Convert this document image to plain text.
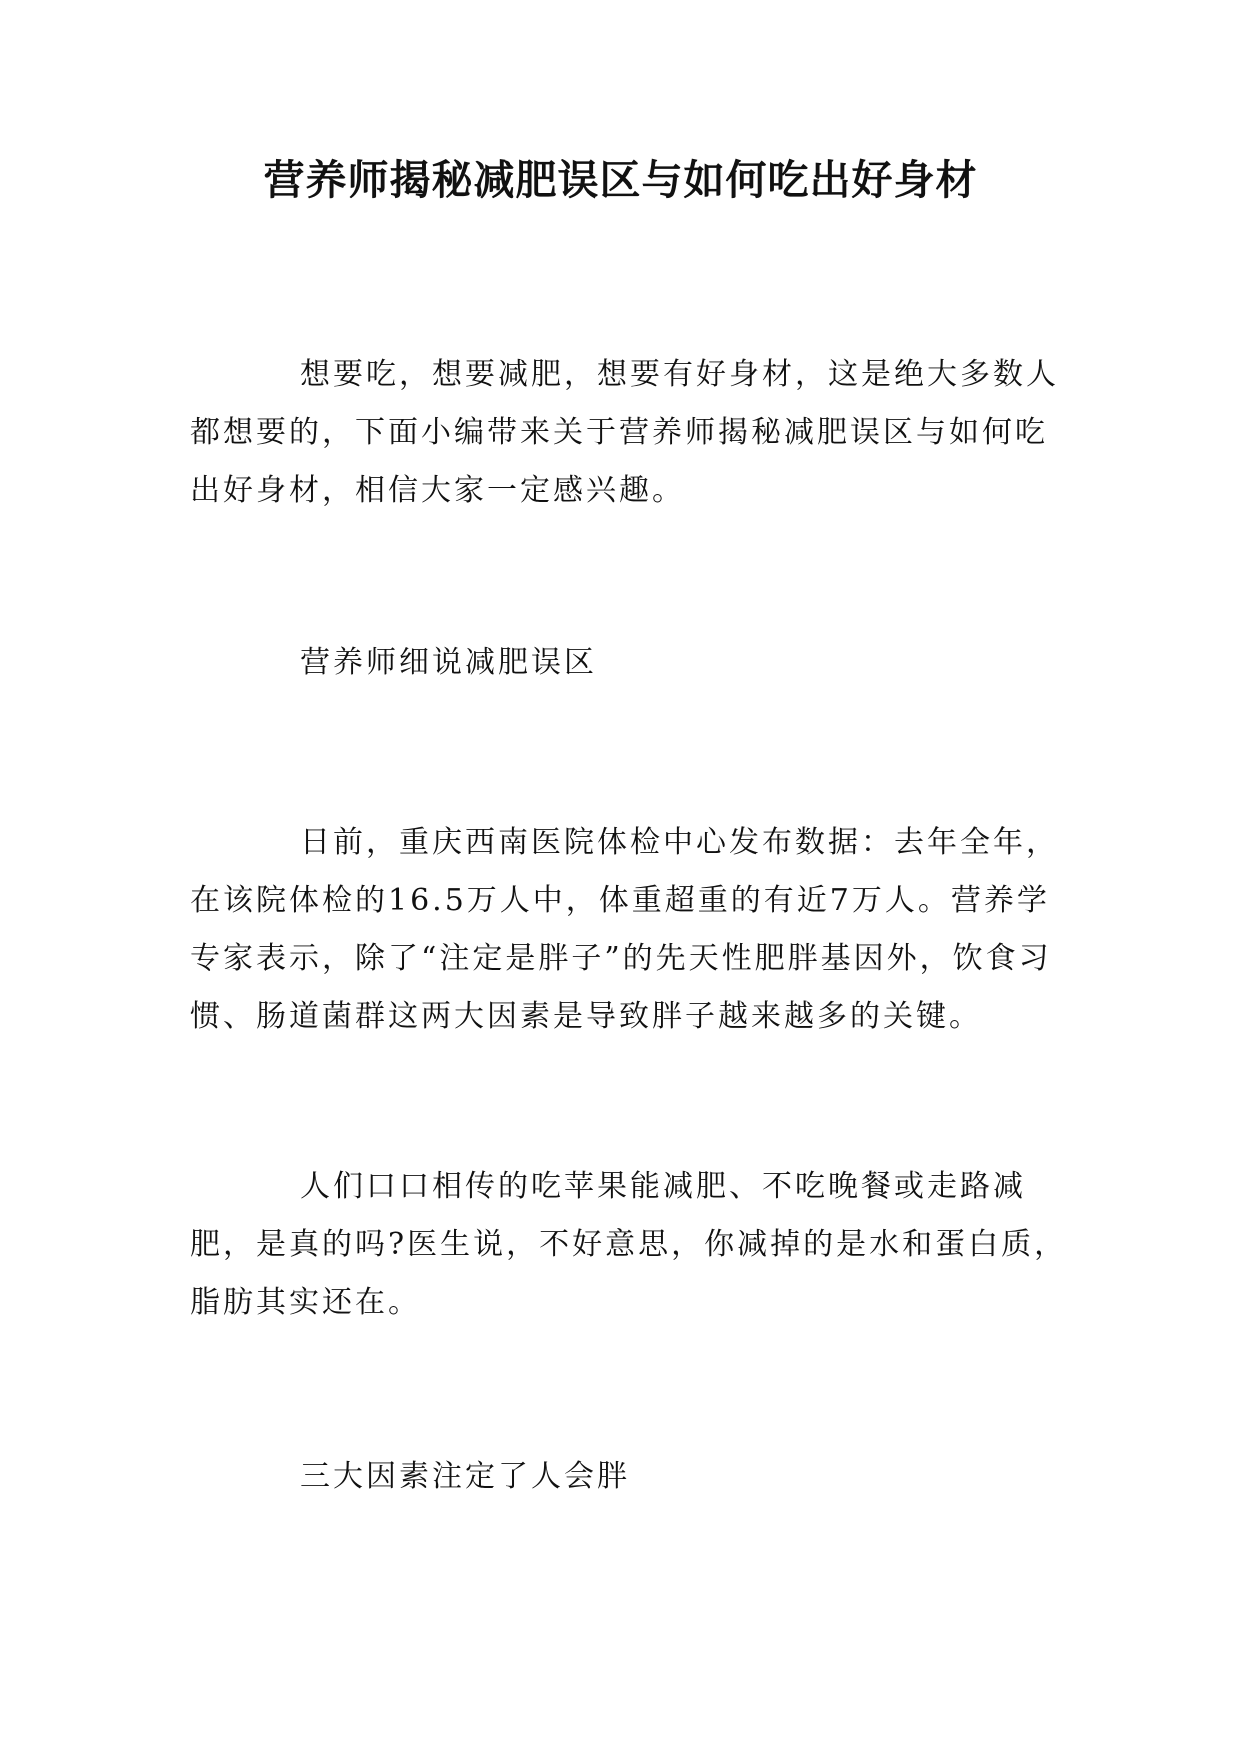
营养师揭秘减肥误区与如何吃出好身材

想要吃，想要减肥，想要有好身材，这是绝大多数人都想要的，下面小编带来关于营养师揭秘减肥误区与如何吃出好身材，相信大家一定感兴趣。

营养师细说减肥误区

日前，重庆西南医院体检中心发布数据：去年全年，在该院体检的16.5万人中，体重超重的有近7万人。营养学专家表示，除了“注定是胖子”的先天性肥胖基因外，饮食习惯、肠道菌群这两大因素是导致胖子越来越多的关键。

人们口口相传的吃苹果能减肥、不吃晚餐或走路减肥，是真的吗?医生说，不好意思，你减掉的是水和蛋白质，脂肪其实还在。

三大因素注定了人会胖
